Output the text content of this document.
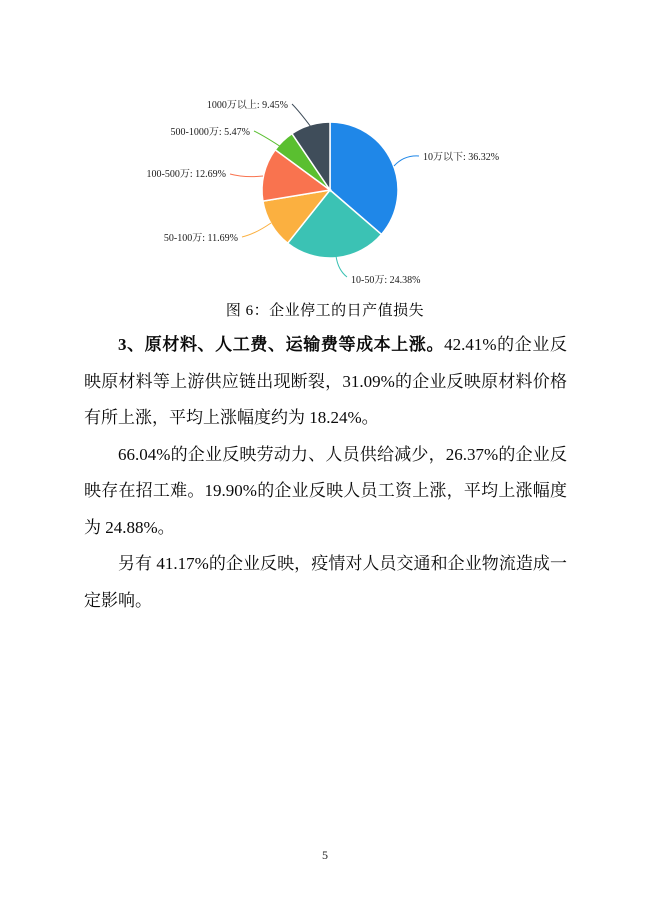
10万以下: 36.32%
10-50万: 24.38%
50-100万: 11.69%
100-500万: 12.69%
500-1000万: 5.47%
1000万以上: 9.45%
图 6：企业停工的日产值损失

3、原材料、人工费、运输费等成本上涨。42.41%的企业反映原材料等上游供应链出现断裂，31.09%的企业反映原材料价格有所上涨，平均上涨幅度约为 18.24%。

66.04%的企业反映劳动力、人员供给减少，26.37%的企业反映存在招工难。19.90%的企业反映人员工资上涨，平均上涨幅度为 24.88%。

另有 41.17%的企业反映，疫情对人员交通和企业物流造成一定影响。

5
